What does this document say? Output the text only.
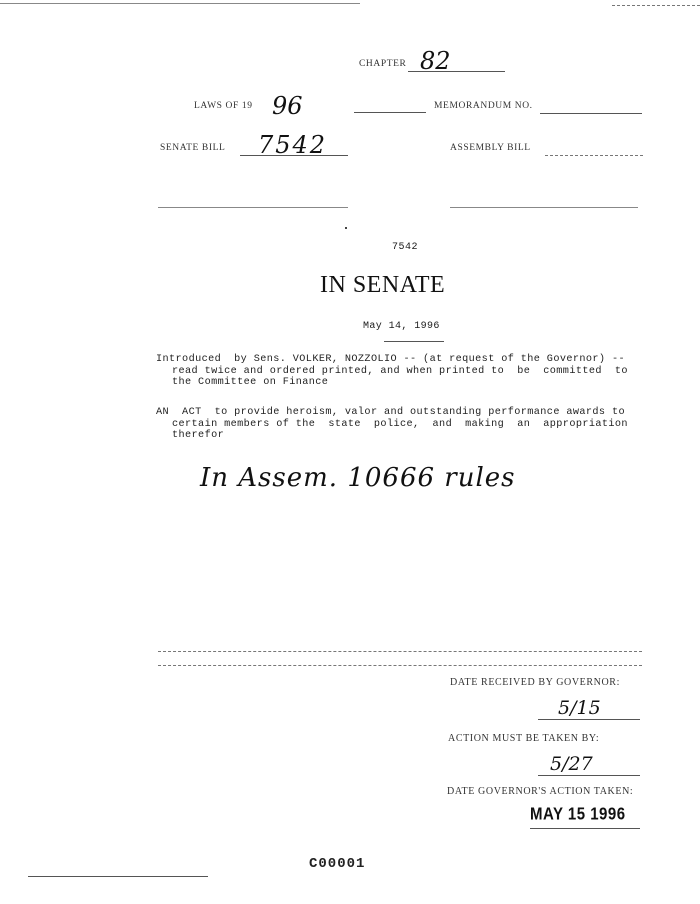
CHAPTER 82
LAWS OF 19 96	MEMORANDUM NO.
SENATE BILL 7542	ASSEMBLY BILL
7542
IN SENATE
May 14, 1996
Introduced  by Sens. VOLKER, NOZZOLIO -- (at request of the Governor) --
read twice and ordered printed, and when printed to  be  committed  to
the Committee on Finance
AN  ACT  to provide heroism, valor and outstanding performance awards to
certain members of the  state  police,  and  making  an  appropriation
therefor
In Assem. 10666 rules
DATE RECEIVED BY GOVERNOR:
5/15
ACTION MUST BE TAKEN BY:
5/27
DATE GOVERNOR'S ACTION TAKEN:
MAY 15 1996
C00001
